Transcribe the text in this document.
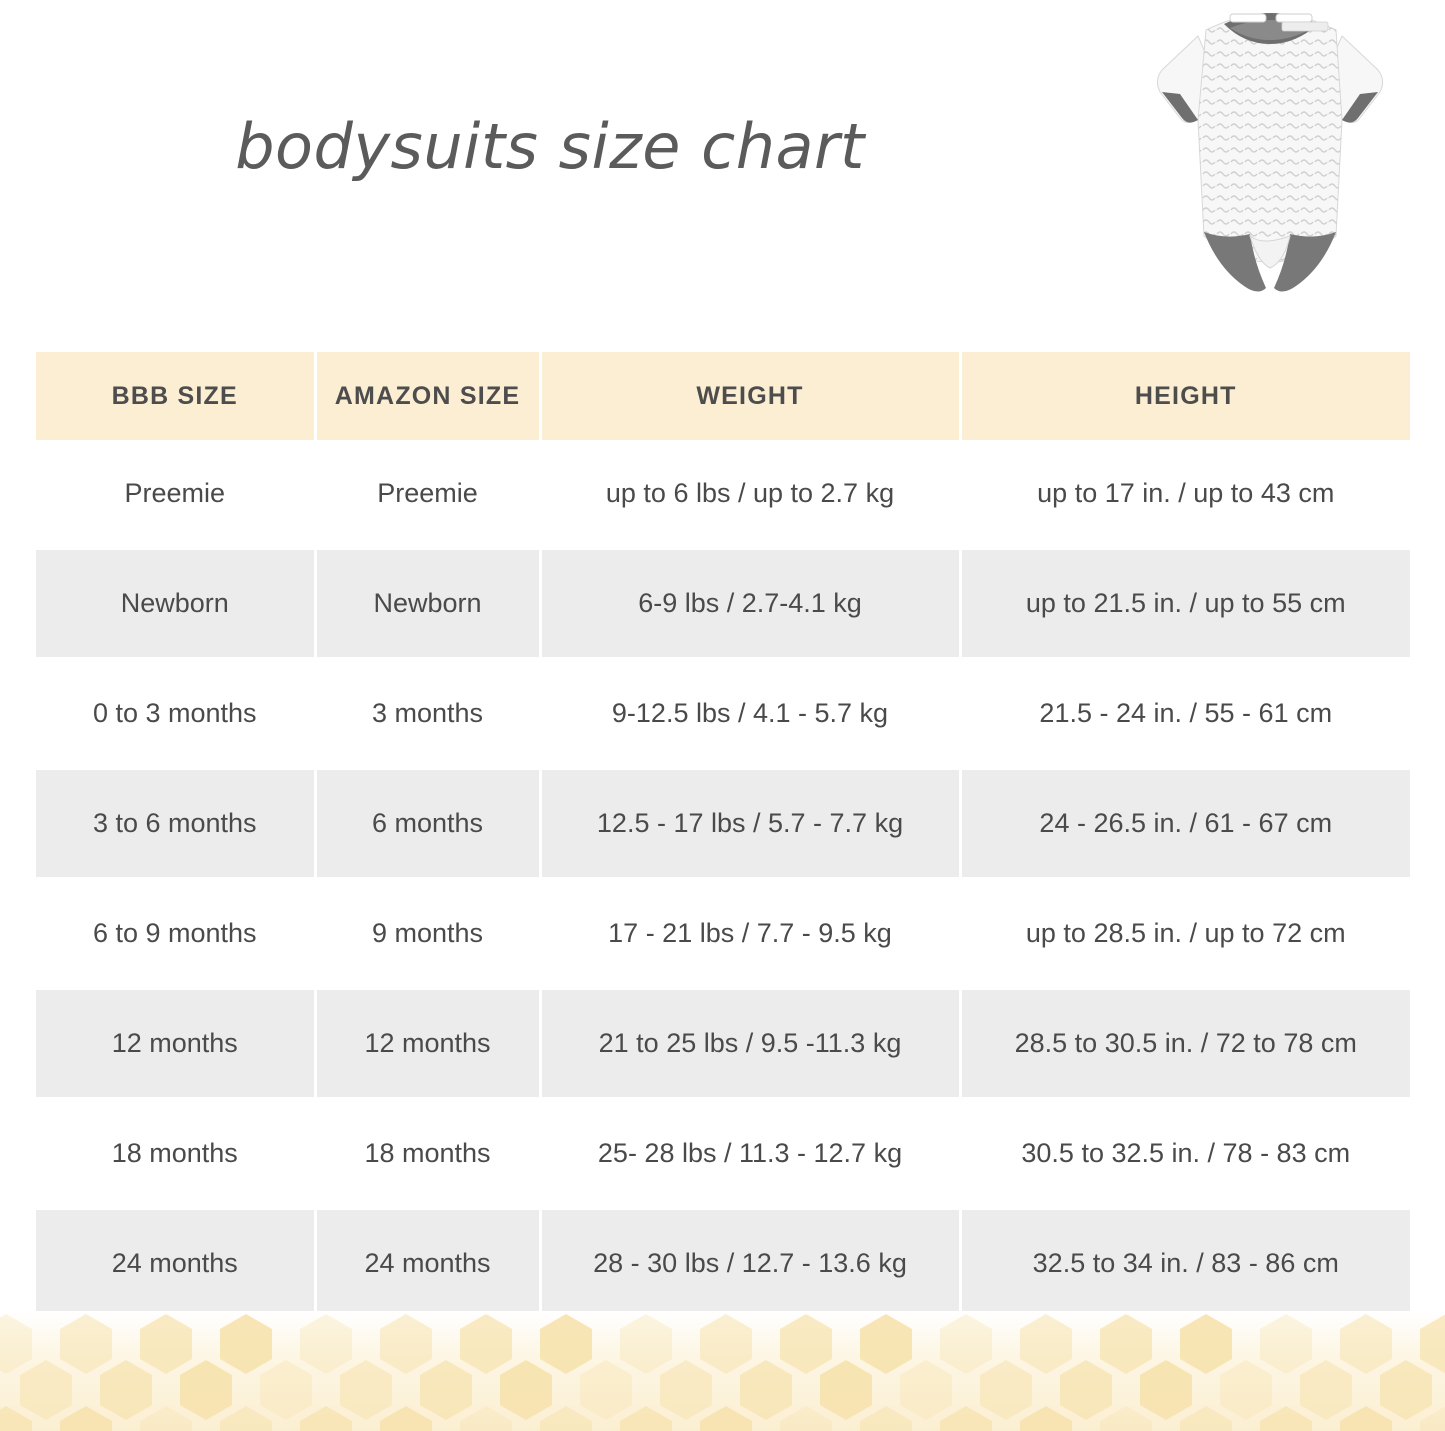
bodysuits size chart
BBB SIZE	AMAZON SIZE	WEIGHT	HEIGHT
Preemie	Preemie	up to 6 lbs / up to 2.7 kg	up to 17 in. / up to 43 cm
Newborn	Newborn	6-9 lbs / 2.7-4.1 kg	up to 21.5 in. / up to 55 cm
0 to 3 months	3 months	9-12.5 lbs / 4.1 - 5.7 kg	21.5 - 24 in. / 55 - 61 cm
3 to 6 months	6 months	12.5 - 17 lbs / 5.7 - 7.7 kg	24 - 26.5 in. / 61 - 67 cm
6 to 9 months	9 months	17 - 21 lbs / 7.7 - 9.5 kg	up to 28.5 in. / up to 72 cm
12 months	12 months	21 to 25 lbs / 9.5 -11.3 kg	28.5 to 30.5 in. / 72 to 78 cm
18 months	18 months	25- 28 lbs / 11.3 - 12.7 kg	30.5 to 32.5 in. / 78 - 83 cm
24 months	24 months	28 - 30 lbs / 12.7 - 13.6 kg	32.5 to 34 in. / 83 - 86 cm
